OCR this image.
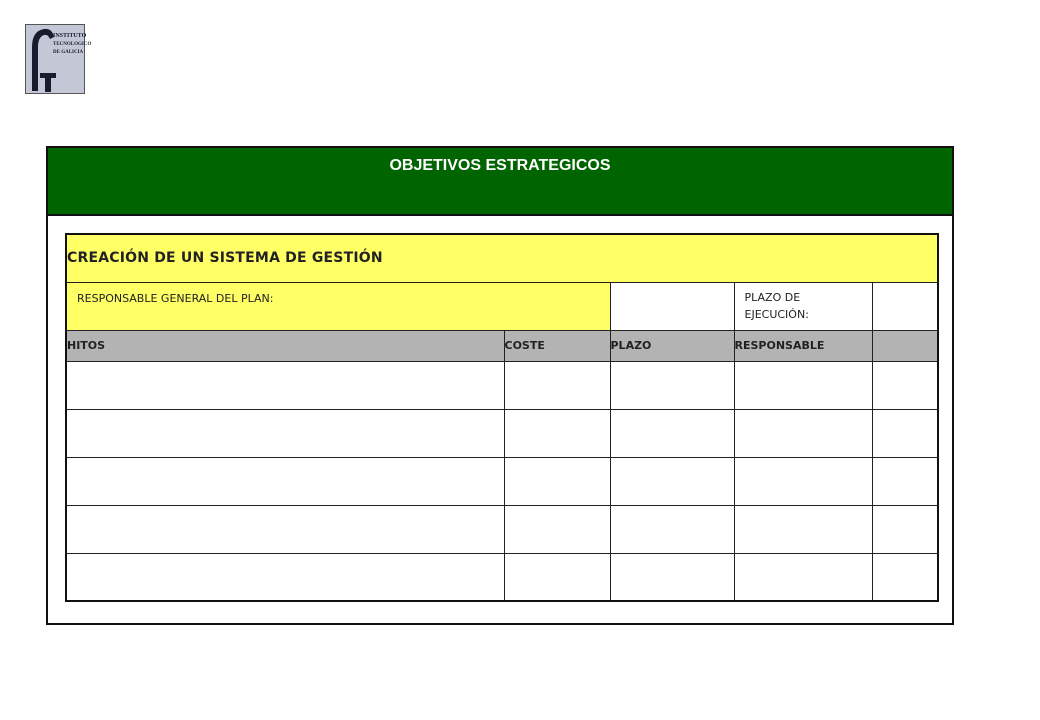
INSTITUTO
TECNOLOGICO
DE GALICIA
OBJETIVOS ESTRATEGICOS
CREACIÓN DE UN SISTEMA DE GESTIÓN				
RESPONSABLE GENERAL DEL PLAN:			PLAZO DE EJECUCIÓN:	
HITOS	COSTE	PLAZO	RESPONSABLE	
